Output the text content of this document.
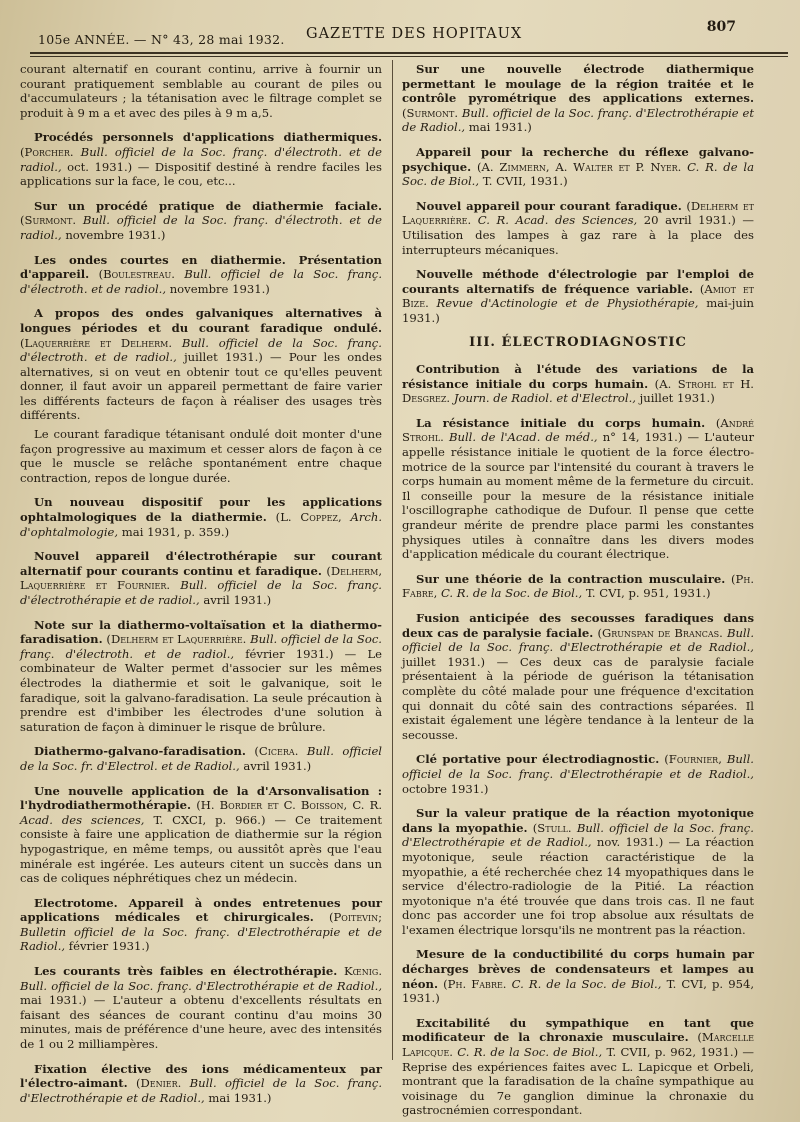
105e ANNÉE. — N° 43, 28 mai 1932. GAZETTE DES HOPITAUX	807

courant alternatif en courant continu, arrive à fournir un courant pratiquement semblable au courant de piles ou d'accumulateurs ; la tétanisation avec le filtrage complet se produit à 9 m a et avec des piles à 9 m a,5.

Procédés personnels d'applications diathermiques. (Porcher. Bull. officiel de la Soc. franç. d'électroth. et de radiol., oct. 1931.) — Dispositif destiné à rendre faciles les applications sur la face, le cou, etc...

Sur un procédé pratique de diathermie faciale. (Surmont. Bull. officiel de la Soc. franç. d'électroth. et de radiol., novembre 1931.)

Les ondes courtes en diathermie. Présentation d'appareil. (Boulestreau. Bull. officiel de la Soc. franç. d'électroth. et de radiol., novembre 1931.)

A propos des ondes galvaniques alternatives à longues périodes et du courant faradique ondulé. (Laquerrière et Delherm. Bull. officiel de la Soc. franç. d'électroth. et de radiol., juillet 1931.) — Pour les ondes alternatives, si on veut en obtenir tout ce qu'elles peuvent donner, il faut avoir un appareil permettant de faire varier les différents facteurs de façon à réaliser des usages très différents.

Le courant faradique tétanisant ondulé doit monter d'une façon progressive au maximum et cesser alors de façon à ce que le muscle se relâche spontanément entre chaque contraction, repos de longue durée.

Un nouveau dispositif pour les applications ophtalmologiques de la diathermie. (L. Coppez, Arch. d'ophtalmologie, mai 1931, p. 359.)

Nouvel appareil d'électrothérapie sur courant alternatif pour courants continu et faradique. (Delherm, Laquerrière et Fournier. Bull. officiel de la Soc. franç. d'électrothérapie et de radiol., avril 1931.)

Note sur la diathermo-voltaïsation et la diathermo-faradisation. (Delherm et Laquerrière. Bull. officiel de la Soc. franç. d'électroth. et de radiol., février 1931.) — Le combinateur de Walter permet d'associer sur les mêmes électrodes la diathermie et soit le galvanique, soit le faradique, soit la galvano-faradisation. La seule précaution à prendre est d'imbiber les électrodes d'une solution à saturation de façon à diminuer le risque de brûlure.

Diathermo-galvano-faradisation. (Cicera. Bull. officiel de la Soc. fr. d'Electrol. et de Radiol., avril 1931.)

Une nouvelle application de la d'Arsonvalisation : l'hydrodiathermothérapie. (H. Bordier et C. Boisson, C. R. Acad. des sciences, T. CXCI, p. 966.) — Ce traitement consiste à faire une application de diathermie sur la région hypogastrique, en même temps, ou aussitôt après que l'eau minérale est ingérée. Les auteurs citent un succès dans un cas de coliques néphrétiques chez un médecin.

Electrotome. Appareil à ondes entretenues pour applications médicales et chirurgicales. (Poitevin; Bulletin officiel de la Soc. franç. d'Electrothérapie et de Radiol., février 1931.)

Les courants très faibles en électrothérapie. Kœnig. Bull. officiel de la Soc. franç. d'Electrothérapie et de Radiol., mai 1931.) — L'auteur a obtenu d'excellents résultats en faisant des séances de courant continu d'au moins 30 minutes, mais de préférence d'une heure, avec des intensités de 1 ou 2 milliampères.

Fixation élective des ions médicamenteux par l'électro-aimant. (Denier. Bull. officiel de la Soc. franç. d'Electrothérapie et de Radiol., mai 1931.)

Sur une nouvelle électrode diathermique permettant le moulage de la région traitée et le contrôle pyrométrique des applications externes. (Surmont. Bull. officiel de la Soc. franç. d'Electrothérapie et de Radiol., mai 1931.)

Appareil pour la recherche du réflexe galvano-psychique. (A. Zimmern, A. Walter et P. Nyer. C. R. de la Soc. de Biol., T. CVII, 1931.)

Nouvel appareil pour courant faradique. (Delherm et Laquerrière. C. R. Acad. des Sciences, 20 avril 1931.) — Utilisation des lampes à gaz rare à la place des interrupteurs mécaniques.

Nouvelle méthode d'électrologie par l'emploi de courants alternatifs de fréquence variable. (Amiot et Bize. Revue d'Actinologie et de Physiothérapie, mai-juin 1931.)

III. ÉLECTRODIAGNOSTIC

Contribution à l'étude des variations de la résistance initiale du corps humain. (A. Strohl et H. Desgrez. Journ. de Radiol. et d'Electrol., juillet 1931.)

La résistance initiale du corps humain. (André Strohl. Bull. de l'Acad. de méd., n° 14, 1931.) — L'auteur appelle résistance initiale le quotient de la force électro-motrice de la source par l'intensité du courant à travers le corps humain au moment même de la fermeture du circuit. Il conseille pour la mesure de la résistance initiale l'oscillographe cathodique de Dufour. Il pense que cette grandeur mérite de prendre place parmi les constantes physiques utiles à connaître dans les divers modes d'application médicale du courant électrique.

Sur une théorie de la contraction musculaire. (Ph. Fabre, C. R. de la Soc. de Biol., T. CVI, p. 951, 1931.)

Fusion anticipée des secousses faradiques dans deux cas de paralysie faciale. (Grunspan de Brancas. Bull. officiel de la Soc. franç. d'Electrothérapie et de Radiol., juillet 1931.) — Ces deux cas de paralysie faciale présentaient à la période de guérison la tétanisation complète du côté malade pour une fréquence d'excitation qui donnait du côté sain des contractions séparées. Il existait également une légère tendance à la lenteur de la secousse.

Clé portative pour électrodiagnostic. (Fournier, Bull. officiel de la Soc. franç. d'Electrothérapie et de Radiol., octobre 1931.)

Sur la valeur pratique de la réaction myotonique dans la myopathie. (Stull. Bull. officiel de la Soc. franç. d'Electrothérapie et de Radiol., nov. 1931.) — La réaction myotonique, seule réaction caractéristique de la myopathie, a été recherchée chez 14 myopathiques dans le service d'électro-radiologie de la Pitié. La réaction myotonique n'a été trouvée que dans trois cas. Il ne faut donc pas accorder une foi trop absolue aux résultats de l'examen électrique lorsqu'ils ne montrent pas la réaction.

Mesure de la conductibilité du corps humain par décharges brèves de condensateurs et lampes au néon. (Ph. Fabre. C. R. de la Soc. de Biol., T. CVI, p. 954, 1931.)

Excitabilité du sympathique en tant que modificateur de la chronaxie musculaire. (Marcelle Lapicque. C. R. de la Soc. de Biol., T. CVII, p. 962, 1931.) — Reprise des expériences faites avec L. Lapicque et Orbeli, montrant que la faradisation de la chaîne sympathique au voisinage du 7e ganglion diminue la chronaxie du gastrocnémien correspondant.
